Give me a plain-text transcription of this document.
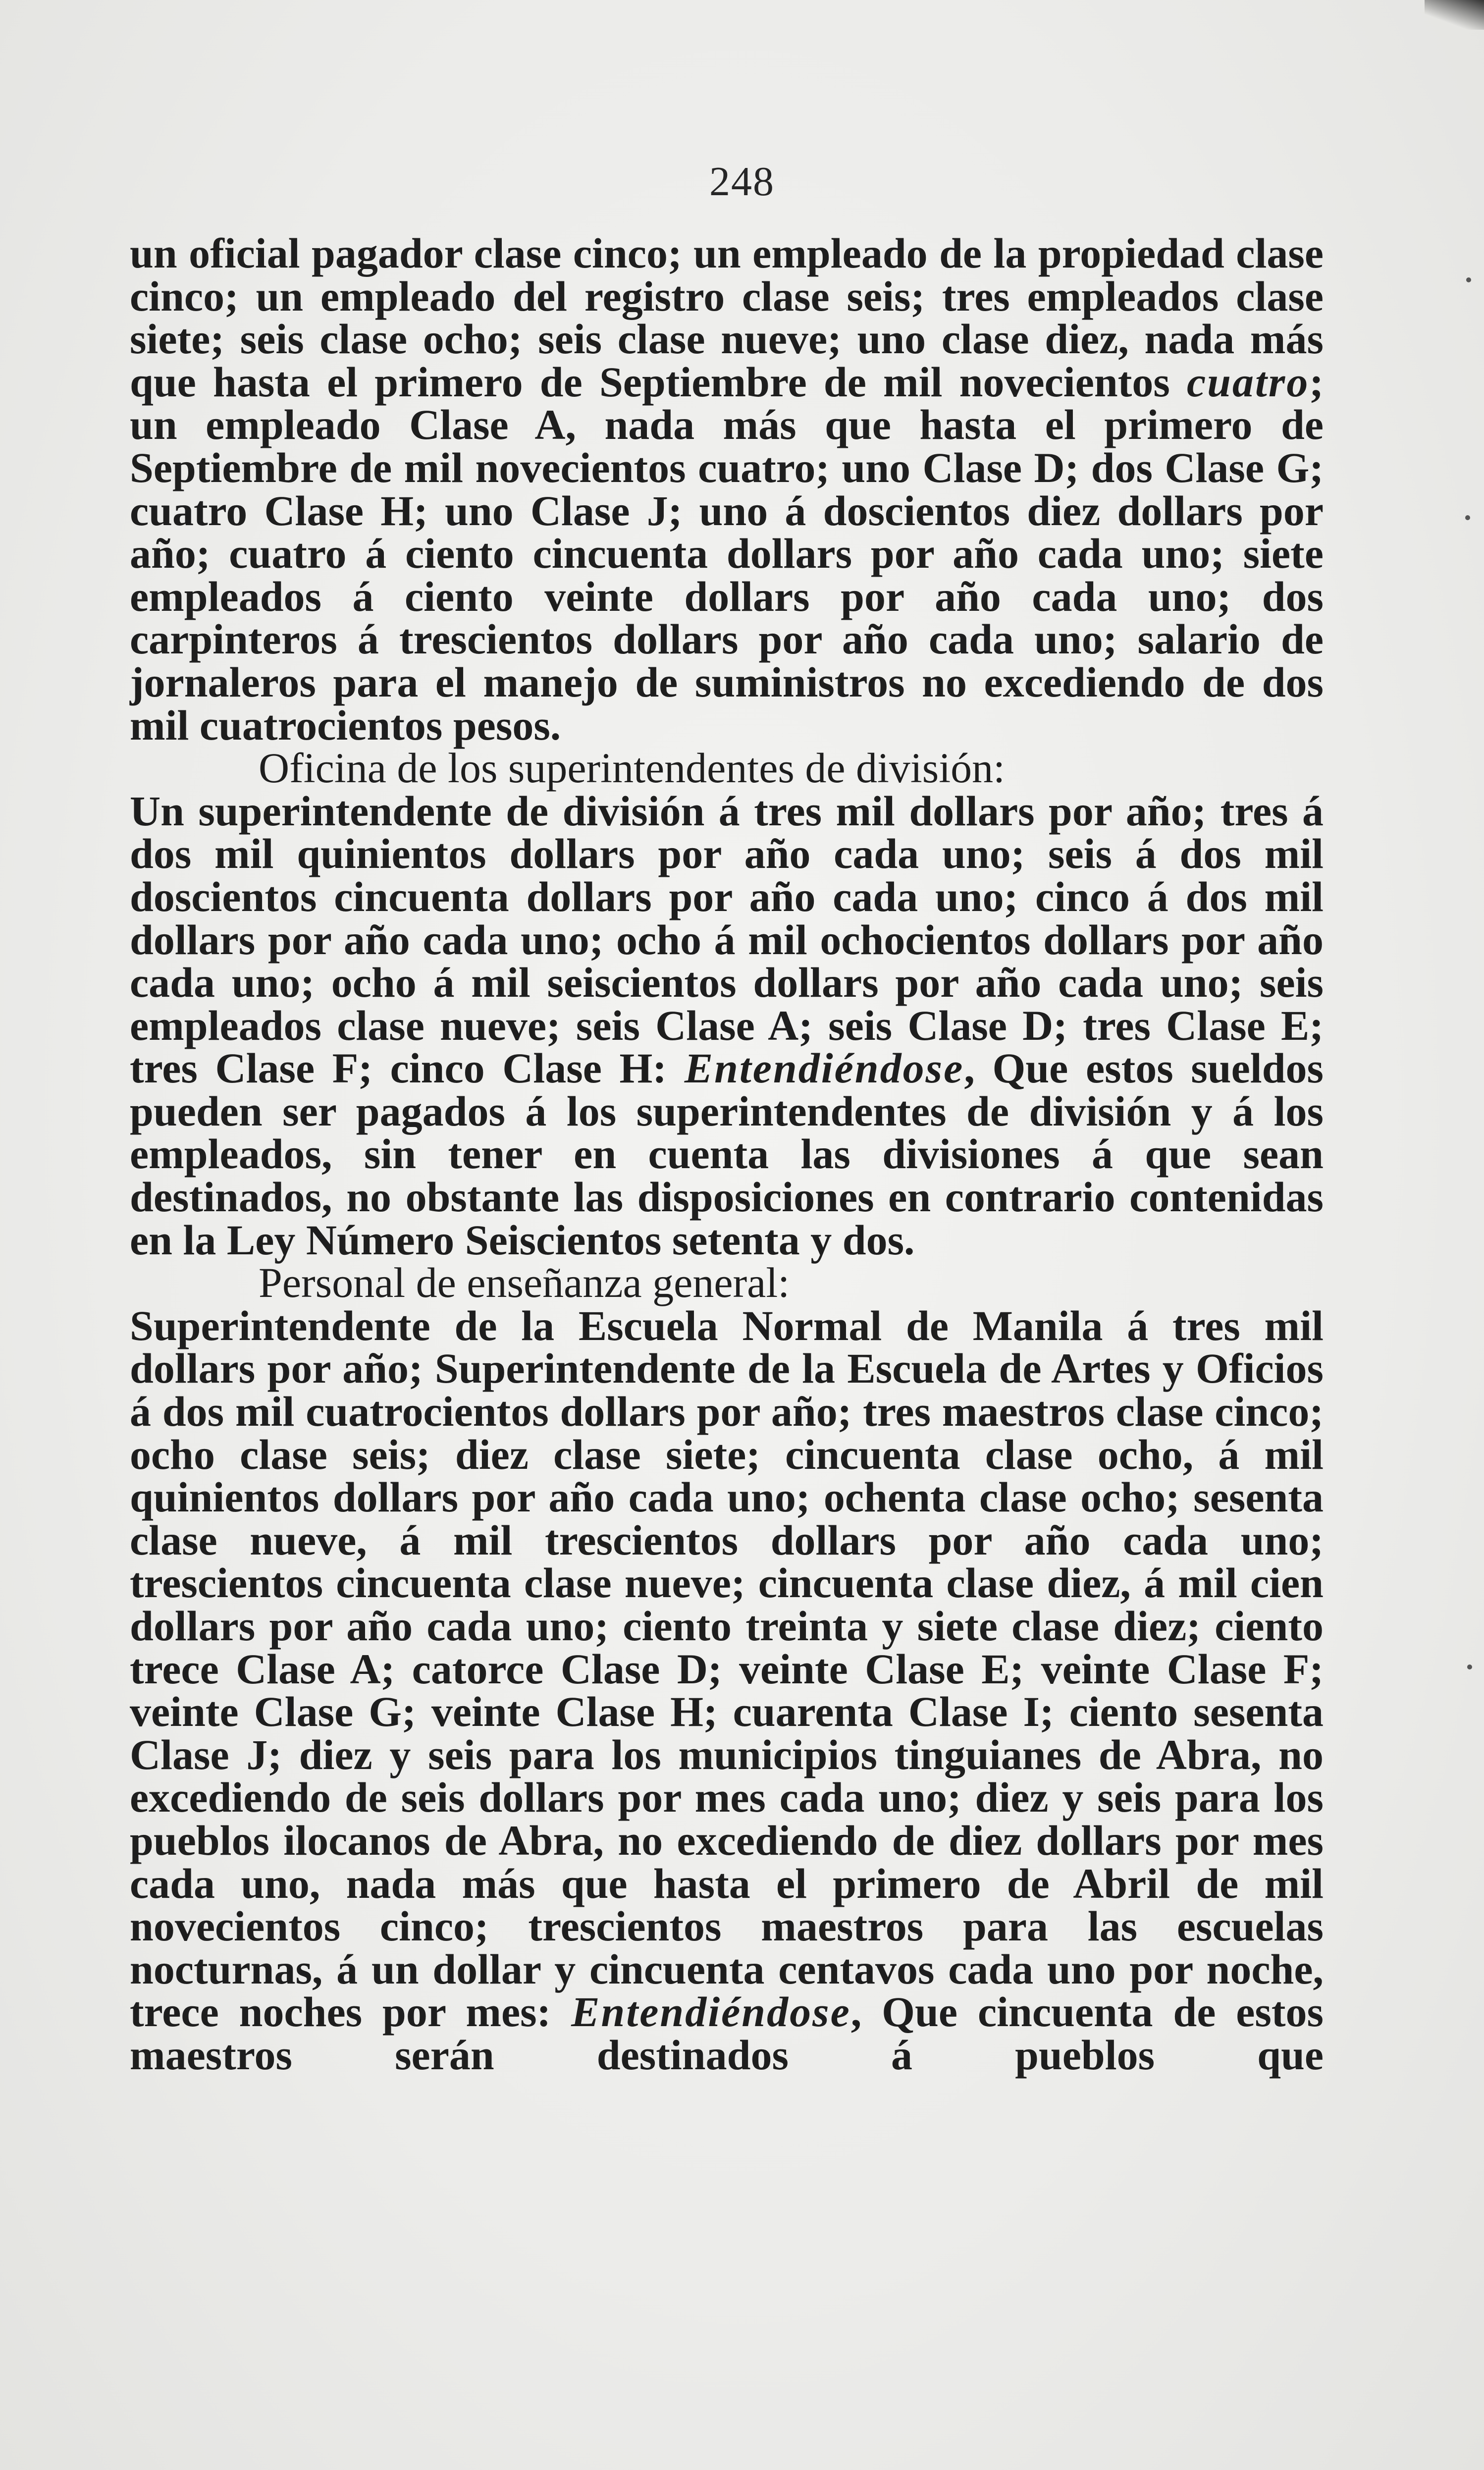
248

un oficial pagador clase cinco; un empleado de la propiedad clase cinco; un empleado del registro clase seis; tres empleados clase siete; seis clase ocho; seis clase nueve; uno clase diez, nada más que hasta el primero de Septiembre de mil novecientos cuatro; un empleado Clase A, nada más que hasta el primero de Septiembre de mil novecientos cuatro; uno Clase D; dos Clase G; cuatro Clase H; uno Clase J; uno á doscientos diez dollars por año; cuatro á ciento cincuenta dollars por año cada uno; siete empleados á ciento veinte dollars por año cada uno; dos carpinteros á trescientos dollars por año cada uno; salario de jornaleros para el manejo de suministros no excediendo de dos mil cuatrocientos pesos.

Oficina de los superintendentes de división:

Un superintendente de división á tres mil dollars por año; tres á dos mil quinientos dollars por año cada uno; seis á dos mil doscientos cincuenta dollars por año cada uno; cinco á dos mil dollars por año cada uno; ocho á mil ochocientos dollars por año cada uno; ocho á mil seiscientos dollars por año cada uno; seis empleados clase nueve; seis Clase A; seis Clase D; tres Clase E; tres Clase F; cinco Clase H: Entendiéndose, Que estos sueldos pueden ser pagados á los superintendentes de división y á los empleados, sin tener en cuenta las divisiones á que sean destinados, no obstante las disposiciones en contrario contenidas en la Ley Número Seiscientos setenta y dos.

Personal de enseñanza general:

Superintendente de la Escuela Normal de Manila á tres mil dollars por año; Superintendente de la Escuela de Artes y Oficios á dos mil cuatrocientos dollars por año; tres maestros clase cinco; ocho clase seis; diez clase siete; cincuenta clase ocho, á mil quinientos dollars por año cada uno; ochenta clase ocho; sesenta clase nueve, á mil trescientos dollars por año cada uno; trescientos cincuenta clase nueve; cincuenta clase diez, á mil cien dollars por año cada uno; ciento treinta y siete clase diez; ciento trece Clase A; catorce Clase D; veinte Clase E; veinte Clase F; veinte Clase G; veinte Clase H; cuarenta Clase I; ciento sesenta Clase J; diez y seis para los municipios tinguianes de Abra, no excediendo de seis dollars por mes cada uno; diez y seis para los pueblos ilocanos de Abra, no excediendo de diez dollars por mes cada uno, nada más que hasta el primero de Abril de mil novecientos cinco; trescientos maestros para las escuelas nocturnas, á un dollar y cincuenta centavos cada uno por noche, trece noches por mes: Entendiéndose, Que cincuenta de estos maestros serán destinados á pueblos que
